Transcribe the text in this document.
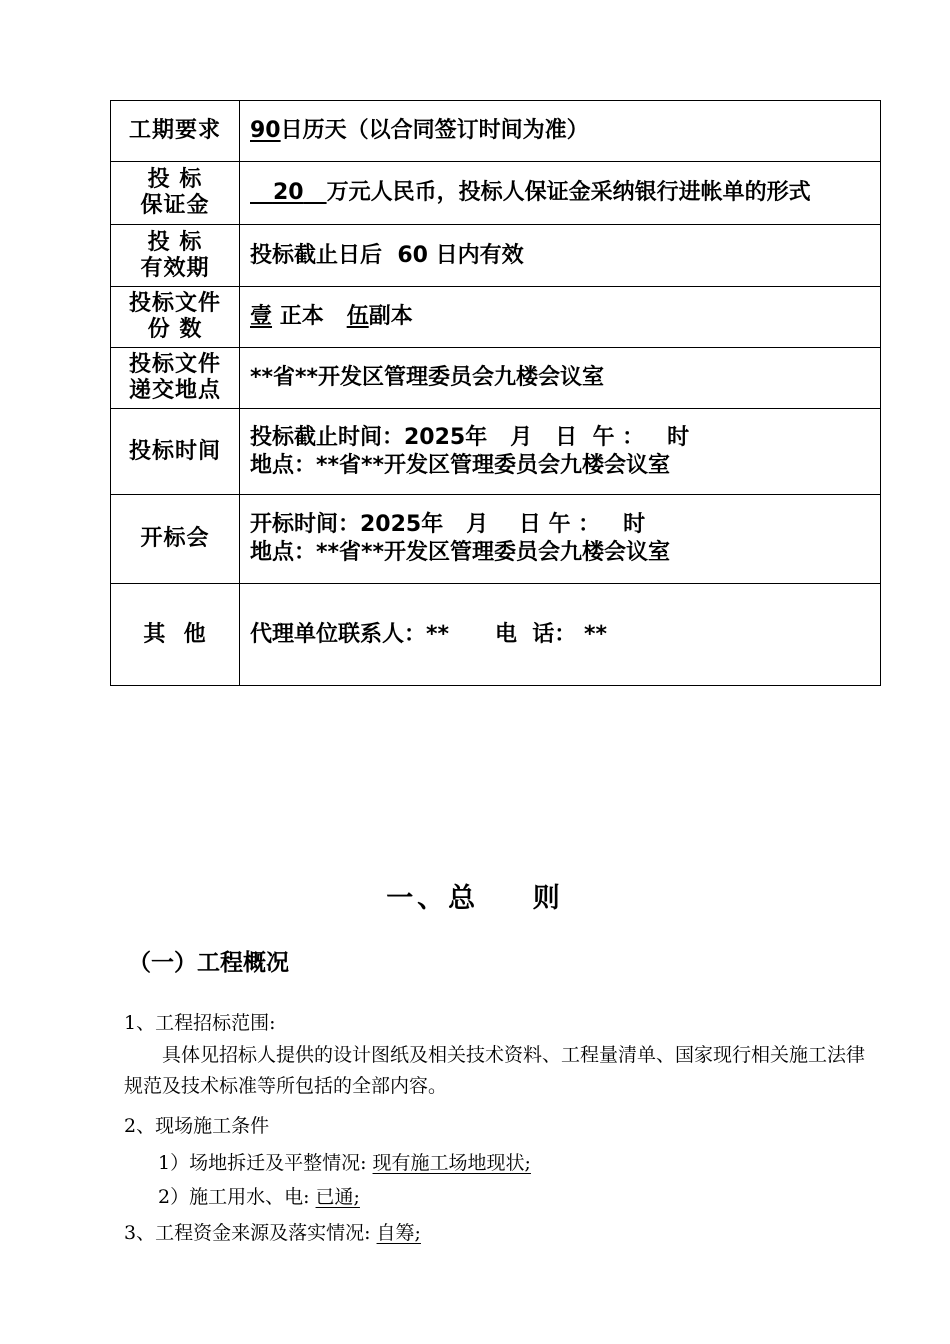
工期要求	90日历天（以合同签订时间为准）

投 标
保证金	20 万元人民币，投标人保证金采纳银行进帐单的形式

投 标
有效期	投标截止日后  60 日内有效

投标文件
份 数	壹 正本 伍副本

投标文件
递交地点	**省**开发区管理委员会九楼会议室
投标时间	投标截止时间：2025年   月   日  午 ：   时
地点：**省**开发区管理委员会九楼会议室

开标会	开标时间：2025年   月    日 午 ：   时
地点：**省**开发区管理委员会九楼会议室

其  他	代理单位联系人：**      电  话： **
一、总    则
（一）工程概况
1、工程招标范围:
具体见招标人提供的设计图纸及相关技术资料、工程量清单、国家现行相关施工法律规范及技术标准等所包括的全部内容。
2、现场施工条件
1）场地拆迁及平整情况: 现有施工场地现状;
2）施工用水、电: 已通;
3、工程资金来源及落实情况: 自筹;
